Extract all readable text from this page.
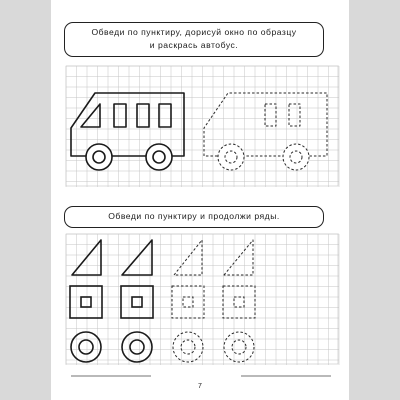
Обведи по пунктиру, дорисуй окно по образцу
и раскрась автобус.
Обведи по пунктиру и продолжи ряды.
7
